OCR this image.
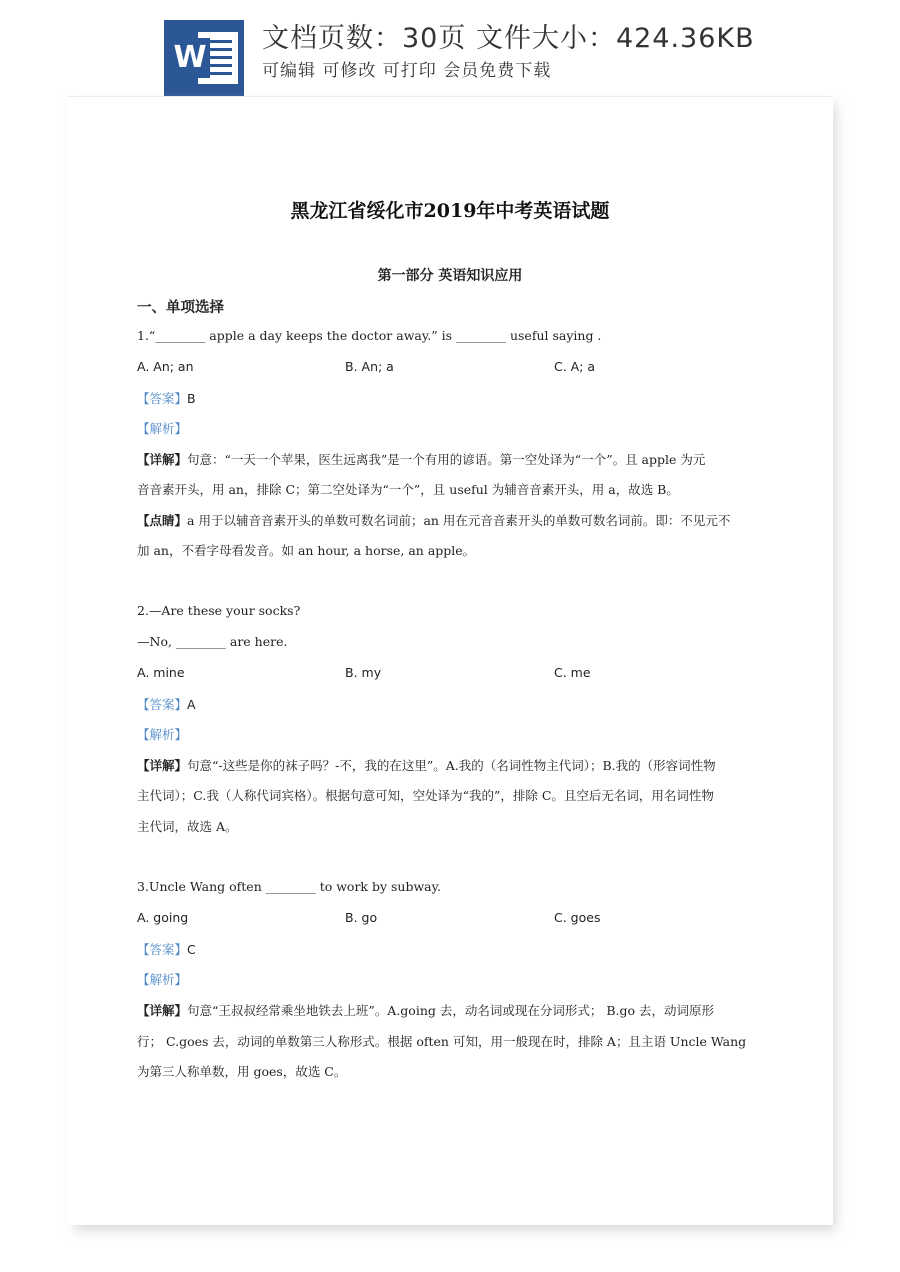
W
文档页数：30页 文件大小：424.36KB
可编辑 可修改 可打印 会员免费下载
黑龙江省绥化市2019年中考英语试题
第一部分 英语知识应用
一、单项选择
1.“________ apple a day keeps the doctor away.” is ________ useful saying .
A. An; an	B. An; a	C. A; a
【答案】B
【解析】
【详解】句意：“一天一个苹果，医生远离我”是一个有用的谚语。第一空处译为“一个”。且 apple 为元
音音素开头，用 an，排除 C；第二空处译为“一个”，且 useful 为辅音音素开头，用 a，故选 B。
【点睛】a 用于以辅音音素开头的单数可数名词前；an 用在元音音素开头的单数可数名词前。即：不见元不
加 an，不看字母看发音。如 an hour, a horse, an apple。
2.—Are these your socks?
—No, ________ are here.
A. mine	B. my	C. me
【答案】A
【解析】
【详解】句意“-这些是你的袜子吗？-不，我的在这里”。A.我的（名词性物主代词）；B.我的（形容词性物
主代词）；C.我（人称代词宾格）。根据句意可知，空处译为“我的”，排除 C。且空后无名词，用名词性物
主代词，故选 A。
3.Uncle Wang often ________ to work by subway.
A. going	B. go	C. goes
【答案】C
【解析】
【详解】句意“王叔叔经常乘坐地铁去上班”。A.going 去，动名词或现在分词形式； B.go 去，动词原形
行； C.goes 去，动词的单数第三人称形式。根据 often 可知，用一般现在时，排除 A；且主语 Uncle Wang
为第三人称单数，用 goes，故选 C。
